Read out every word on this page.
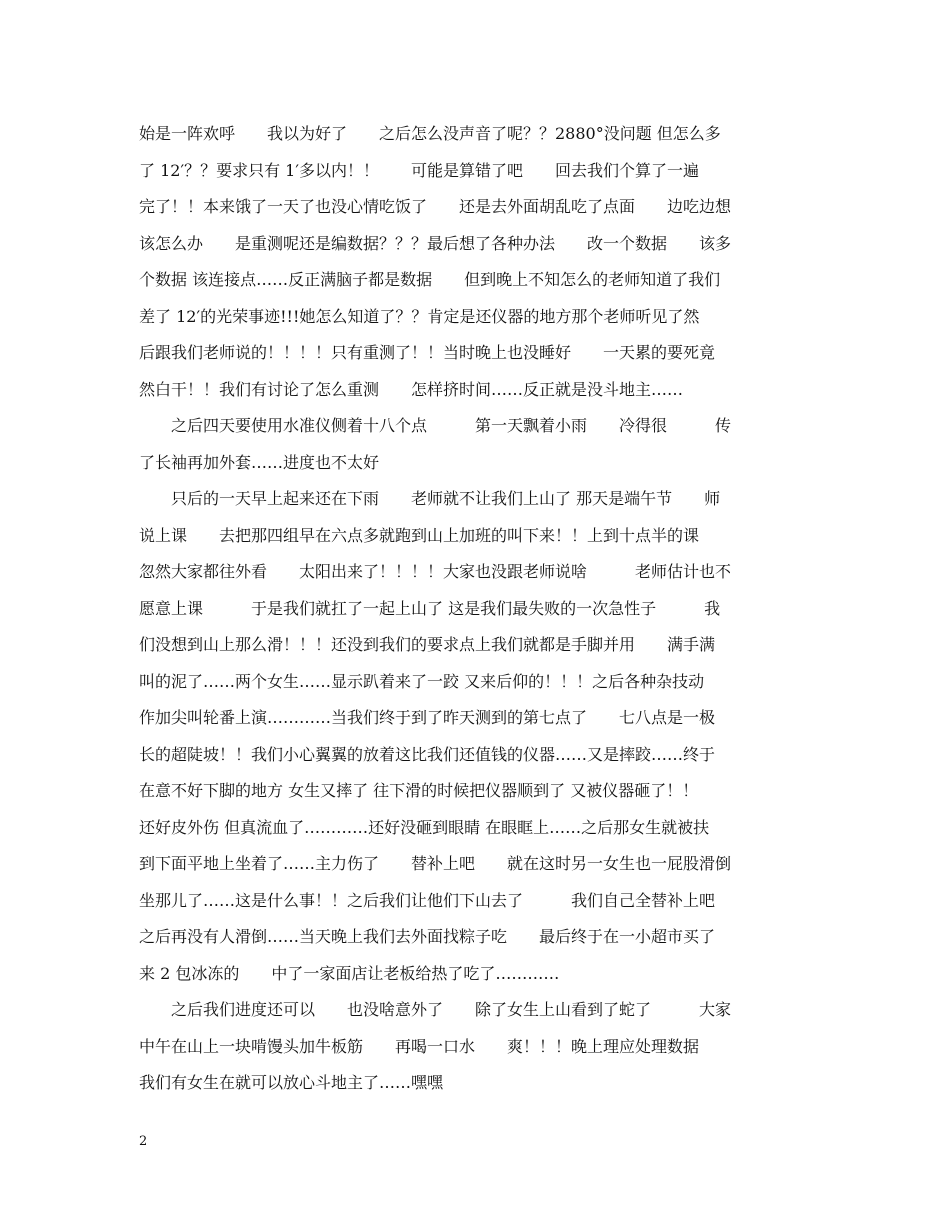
始是一阵欢呼　　我以为好了　　之后怎么没声音了呢？？2880°没问题 但怎么多
了 12′？？要求只有 1′多以内！！　　可能是算错了吧　　回去我们个算了一遍
完了！！本来饿了一天了也没心情吃饭了　　还是去外面胡乱吃了点面　　边吃边想
该怎么办　　是重测呢还是编数据？？？最后想了各种办法　　改一个数据　　该多
个数据 该连接点……反正满脑子都是数据　　但到晚上不知怎么的老师知道了我们
差了 12′的光荣事迹!!!她怎么知道了？？肯定是还仪器的地方那个老师听见了然
后跟我们老师说的！！！！只有重测了！！当时晚上也没睡好　　一天累的要死竟
然白干！！我们有讨论了怎么重测　　怎样挤时间……反正就是没斗地主……
　　之后四天要使用水准仪侧着十八个点　　　第一天飘着小雨　　冷得很　　　传
了长袖再加外套……进度也不太好
　　只后的一天早上起来还在下雨　　老师就不让我们上山了 那天是端午节　　师
说上课　　去把那四组早在六点多就跑到山上加班的叫下来！！上到十点半的课
忽然大家都往外看　　太阳出来了！！！！大家也没跟老师说啥　　　老师估计也不
愿意上课　　　于是我们就扛了一起上山了 这是我们最失败的一次急性子　　　我
们没想到山上那么滑！！！还没到我们的要求点上我们就都是手脚并用　　满手满
叫的泥了……两个女生……显示趴着来了一跤 又来后仰的！！！之后各种杂技动
作加尖叫轮番上演…………当我们终于到了昨天测到的第七点了　　七八点是一极
长的超陡坡！！我们小心翼翼的放着这比我们还值钱的仪器……又是摔跤……终于
在意不好下脚的地方 女生又摔了 往下滑的时候把仪器顺到了 又被仪器砸了！！
还好皮外伤 但真流血了…………还好没砸到眼睛 在眼眶上……之后那女生就被扶
到下面平地上坐着了……主力伤了　　替补上吧　　就在这时另一女生也一屁股滑倒
坐那儿了……这是什么事！！之后我们让他们下山去了　　　我们自己全替补上吧
之后再没有人滑倒……当天晚上我们去外面找粽子吃　　最后终于在一小超市买了
来 2 包冰冻的　　中了一家面店让老板给热了吃了…………
　　之后我们进度还可以　　也没啥意外了　　除了女生上山看到了蛇了　　　大家
中午在山上一块啃馒头加牛板筋　　再喝一口水　　爽！！！晚上理应处理数据
我们有女生在就可以放心斗地主了……嘿嘿
2
